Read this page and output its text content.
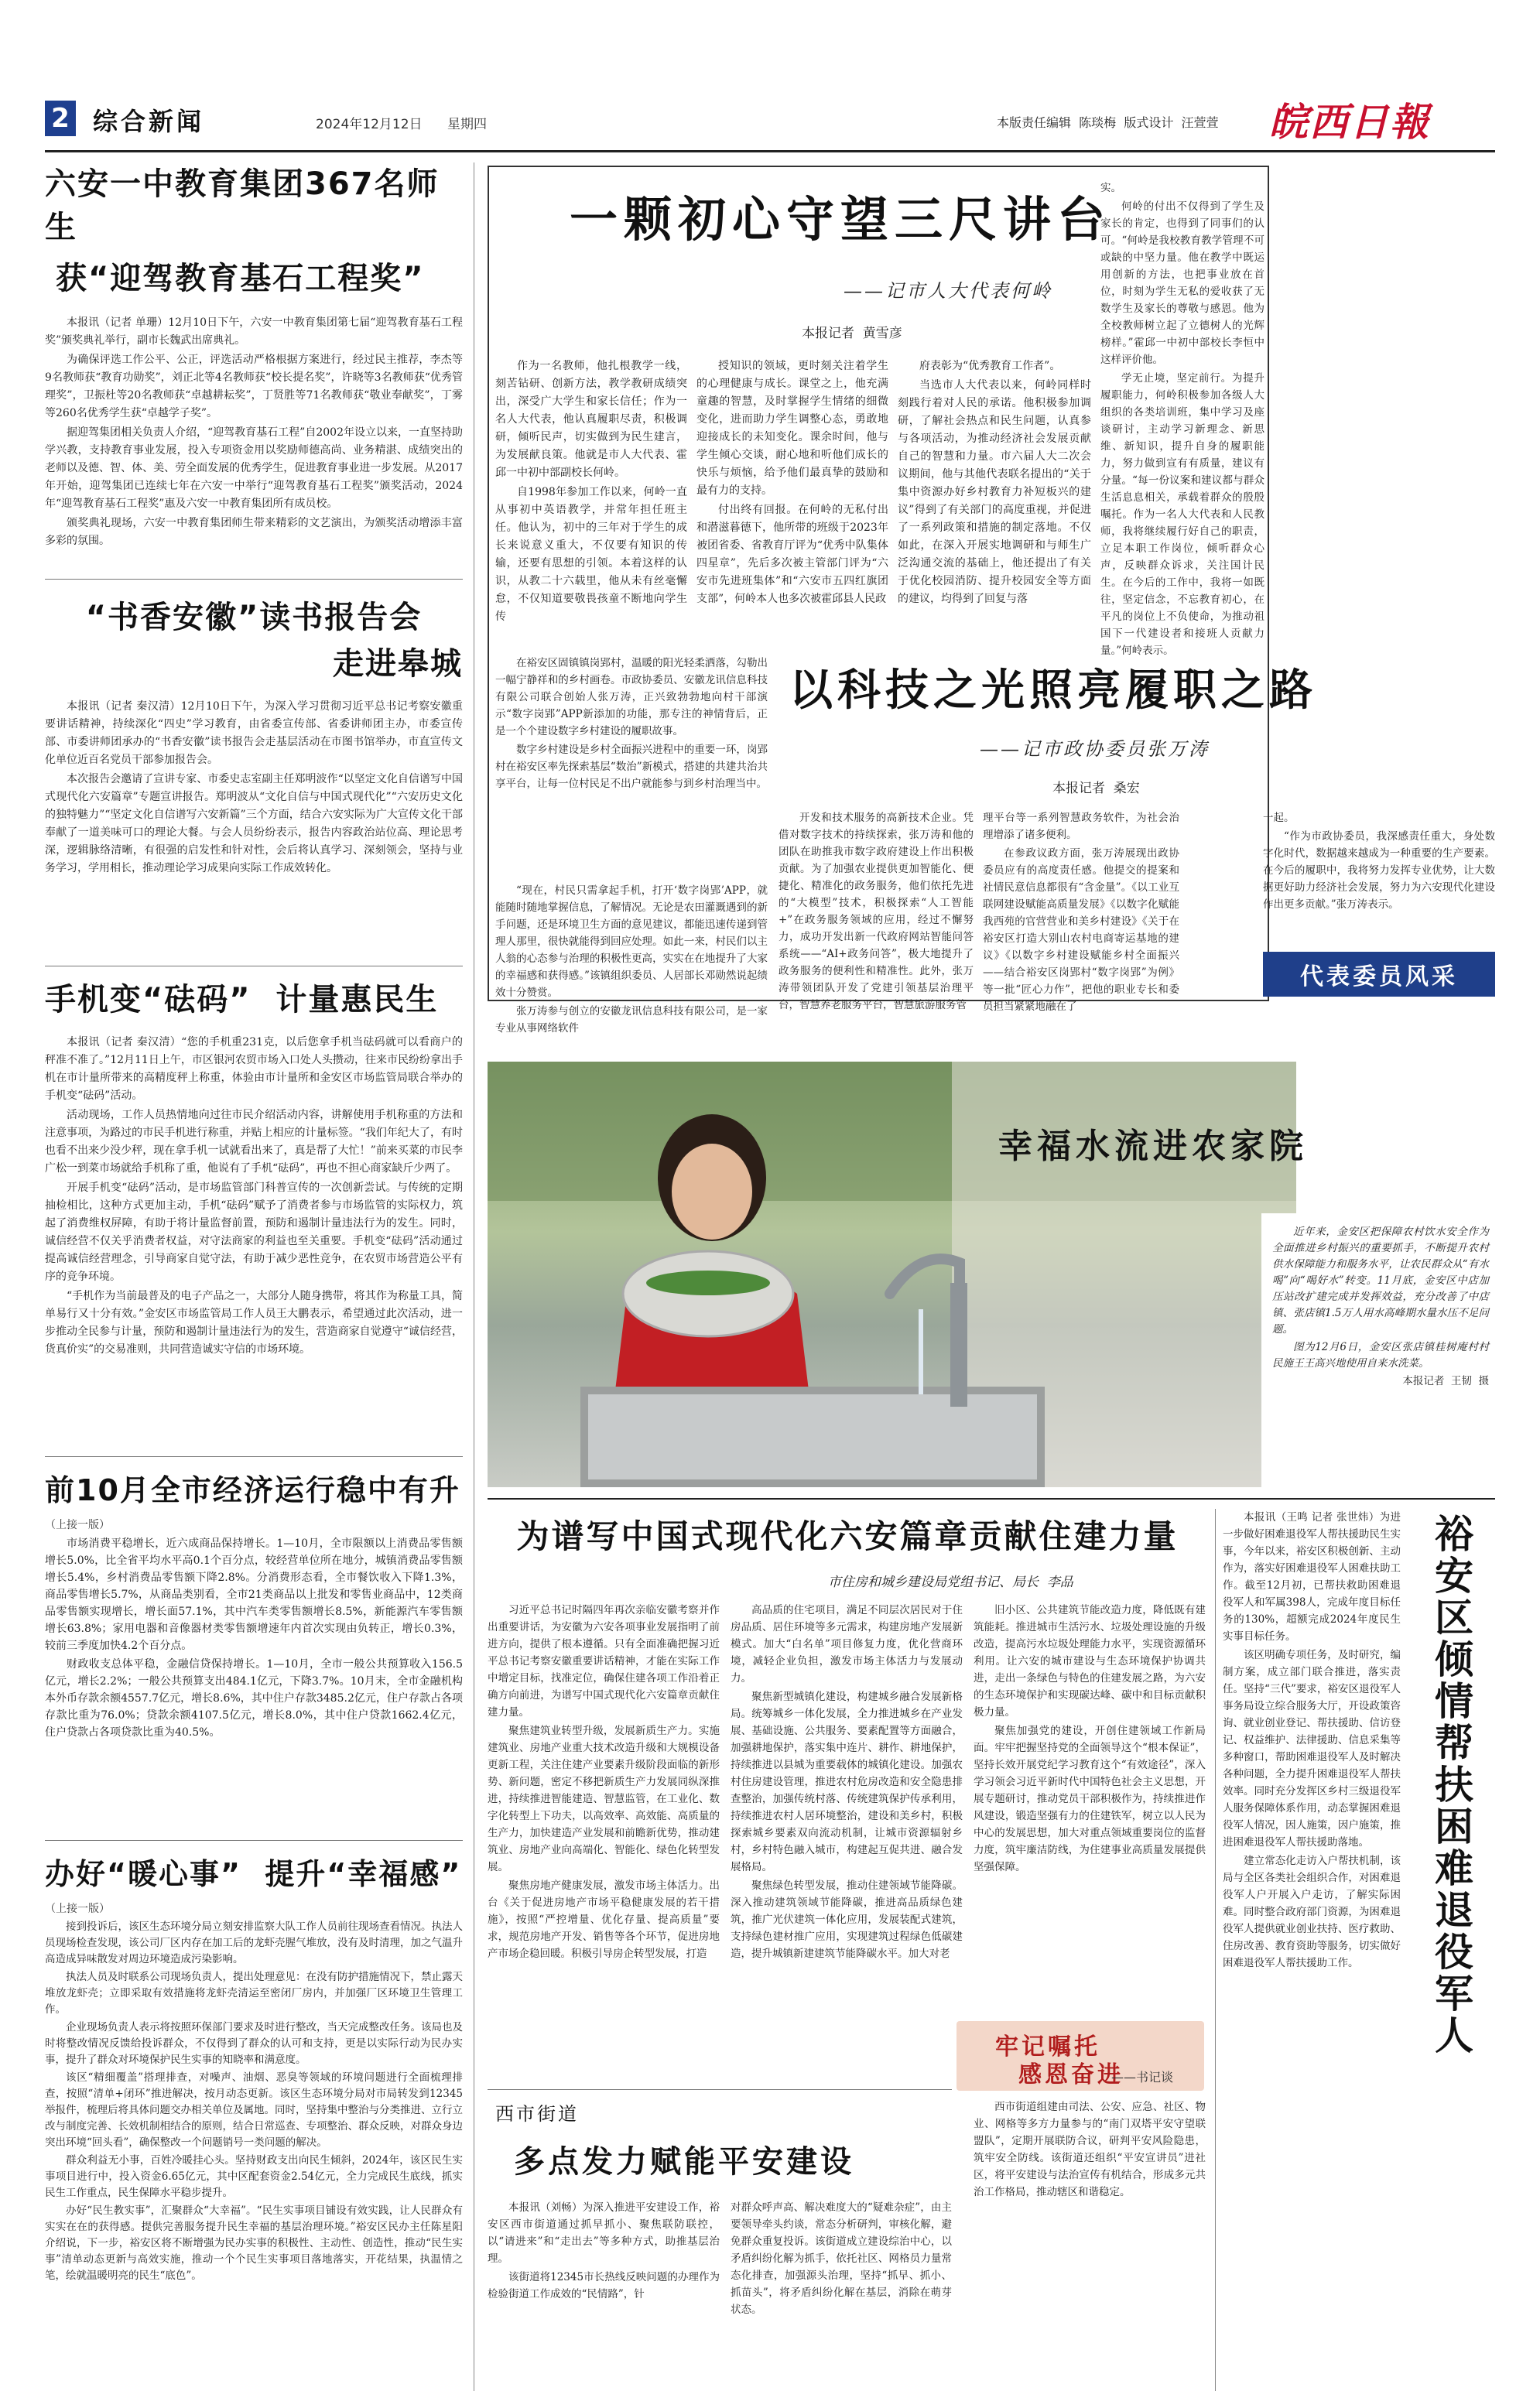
2 综合新闻	2024年12月12日 星期四	本版责任编辑  陈琰梅  版式设计  汪萱萱 皖西日報
六安一中教育集团367名师生
获“迎驾教育基石工程奖”

本报讯（记者 单珊）12月10日下午，六安一中教育集团第七届“迎驾教育基石工程奖”颁奖典礼举行，副市长魏武出席典礼。

为确保评选工作公平、公正，评选活动严格根据方案进行，经过民主推荐，李杰等9名教师获“教育功勋奖”，刘正北等4名教师获“校长提名奖”，许晓等3名教师获“优秀管理奖”，卫振杜等20名教师获“卓越耕耘奖”，丁贤胜等71名教师获“敬业奉献奖”，丁雾等260名优秀学生获“卓越学子奖”。

据迎驾集团相关负责人介绍，“迎驾教育基石工程”自2002年设立以来，一直坚持助学兴教，支持教育事业发展，投入专项资金用以奖励师德高尚、业务精湛、成绩突出的老师以及德、智、体、美、劳全面发展的优秀学生，促进教育事业进一步发展。从2017年开始，迎驾集团已连续七年在六安一中举行“迎驾教育基石工程奖”颁奖活动，2024年“迎驾教育基石工程奖”惠及六安一中教育集团所有成员校。

颁奖典礼现场，六安一中教育集团师生带来精彩的文艺演出，为颁奖活动增添丰富多彩的氛围。

“书香安徽”读书报告会
走进皋城

本报讯（记者 秦汉清）12月10日下午，为深入学习贯彻习近平总书记考察安徽重要讲话精神，持续深化“四史”学习教育，由省委宣传部、省委讲师团主办，市委宣传部、市委讲师团承办的“书香安徽”读书报告会走基层活动在市图书馆举办，市直宣传文化单位近百名党员干部参加报告会。

本次报告会邀请了宣讲专家、市委史志室副主任郑明波作“以坚定文化自信谱写中国式现代化六安篇章”专题宣讲报告。郑明波从“文化自信与中国式现代化”“六安历史文化的独特魅力”“坚定文化自信谱写六安新篇”三个方面，结合六安实际为广大宣传文化干部奉献了一道美味可口的理论大餐。与会人员纷纷表示，报告内容政治站位高、理论思考深，逻辑脉络清晰，有很强的启发性和针对性，会后将认真学习、深刻领会，坚持与业务学习，学用相长，推动理论学习成果向实际工作成效转化。

手机变“砝码”  计量惠民生

本报讯（记者 秦汉清）“您的手机重231克，以后您拿手机当砝码就可以看商户的秤准不准了。”12月11日上午，市区银河农贸市场入口处人头攒动，往来市民纷纷拿出手机在市计量所带来的高精度秤上称重，体验由市计量所和金安区市场监管局联合举办的手机变“砝码”活动。

活动现场，工作人员热情地向过往市民介绍活动内容，讲解使用手机称重的方法和注意事项，为路过的市民手机进行称重，并贴上相应的计量标签。“我们年纪大了，有时也看不出来少没少秤，现在拿手机一试就看出来了，真是帮了大忙！”前来买菜的市民李广松一到菜市场就给手机称了重，他说有了手机“砝码”，再也不担心商家缺斤少两了。

开展手机变“砝码”活动，是市场监管部门科普宣传的一次创新尝试。与传统的定期抽检相比，这种方式更加主动，手机“砝码”赋予了消费者参与市场监管的实际权力，筑起了消费维权屏障，有助于将计量监督前置，预防和遏制计量违法行为的发生。同时，诚信经营不仅关乎消费者权益，对守法商家的利益也至关重要。手机变“砝码”活动通过提高诚信经营理念，引导商家自觉守法，有助于减少恶性竞争，在农贸市场营造公平有序的竞争环境。

“手机作为当前最普及的电子产品之一，大部分人随身携带，将其作为称量工具，简单易行又十分有效。”金安区市场监管局工作人员王大鹏表示，希望通过此次活动，进一步推动全民参与计量，预防和遏制计量违法行为的发生，营造商家自觉遵守“诚信经营，货真价实”的交易准则，共同营造诚实守信的市场环境。

前10月全市经济运行稳中有升
（上接一版）

市场消费平稳增长，近六成商品保持增长。1—10月，全市限额以上消费品零售额增长5.0%，比全省平均水平高0.1个百分点，较经营单位所在地分，城镇消费品零售额增长5.4%，乡村消费品零售额下降2.8%。分消费形态看，全市餐饮收入下降1.3%，商品零售增长5.7%，从商品类别看，全市21类商品以上批发和零售业商品中，12类商品零售额实现增长，增长面57.1%，其中汽车类零售额增长8.5%，新能源汽车零售额增长63.8%；家用电器和音像器材类零售额增速年内首次实现由负转正，增长0.3%，较前三季度加快4.2个百分点。

财政收支总体平稳，金融信贷保持增长。1—10月，全市一般公共预算收入156.5亿元，增长2.2%；一般公共预算支出484.1亿元，下降3.7%。10月末，全市金融机构本外币存款余额4557.7亿元，增长8.6%，其中住户存款3485.2亿元，住户存款占各项存款比重为76.0%；贷款余额4107.5亿元，增长8.0%，其中住户贷款1662.4亿元，住户贷款占各项贷款比重为40.5%。

办好“暖心事”  提升“幸福感”
（上接一版）

接到投诉后，该区生态环境分局立刻安排监察大队工作人员前往现场查看情况。执法人员现场检查发现，该公司厂区内存在加工后的龙虾壳腥气堆放，没有及时清理，加之气温升高造成异味散发对周边环境造成污染影响。

执法人员及时联系公司现场负责人，提出处理意见：在没有防护措施情况下，禁止露天堆放龙虾壳；立即采取有效措施将龙虾壳清运至密闭厂房内，并加强厂区环境卫生管理工作。

企业现场负责人表示将按照环保部门要求及时进行整改，当天完成整改任务。该局也及时将整改情况反馈给投诉群众，不仅得到了群众的认可和支持，更是以实际行动为民办实事，提升了群众对环境保护民生实事的知晓率和满意度。

该区“精细覆盖”搭理排查，对噪声、油烟、恶臭等领域的环境问题进行全面梳理排查，按照“清单+闭环”推进解决，按月动态更新。该区生态环境分局对市局转发到12345举报件，梳理后将具体问题交办相关单位及属地。同时，坚持集中整治与分类推进、立行立改与制度完善、长效机制相结合的原则，结合日常巡查、专项整治、群众反映，对群众身边突出环境“回头看”，确保整改一个问题销号一类问题的解决。

群众利益无小事，百姓冷暖挂心头。坚持财政支出向民生倾斜，2024年，该区民生实事项目进行中，投入资金6.65亿元，其中区配套资金2.54亿元，全力完成民生底线，抓实民生工作重点，民生保障水平稳步提升。

办好“民生教实事”，汇聚群众“大幸福”。“民生实事项目铺设有效实践，让人民群众有实实在在的获得感。提供完善服务提升民生幸福的基层治理环境。”裕安区民办主任陈星阳介绍说，下一步，裕安区将不断增强为民办实事的积极性、主动性、创造性，推动“民生实事”清单动态更新与高效实施，推动一个个民生实事项目落地落实，开花结果，执温情之笔，绘就温暖明亮的民生“底色”。

一颗初心守望三尺讲台
——记市人大代表何岭
本报记者  黄雪彦

作为一名教师，他扎根教学一线，刻苦钻研、创新方法，教学教研成绩突出，深受广大学生和家长信任；作为一名人大代表，他认真履职尽责，积极调研，倾听民声，切实做到为民生建言，为发展献良策。他就是市人大代表、霍邱一中初中部副校长何岭。

自1998年参加工作以来，何岭一直从事初中英语教学，并常年担任班主任。他认为，初中的三年对于学生的成长来说意义重大，不仅要有知识的传输，还要有思想的引领。本着这样的认识，从教二十六载里，他从未有丝毫懈怠，不仅知道要敬畏孩童不断地向学生传

授知识的领域，更时刻关注着学生的心理健康与成长。课堂之上，他充满童趣的智慧，及时掌握学生情绪的细微变化，进而助力学生调整心态，勇敢地迎接成长的未知变化。课余时间，他与学生倾心交谈，耐心地和听他们成长的快乐与烦恼，给予他们最真挚的鼓励和最有力的支持。

付出终有回报。在何岭的无私付出和潜滋暮德下，他所带的班级于2023年被团省委、省教育厅评为“优秀中队集体四星章”，先后多次被主管部门评为“六安市先进班集体”和“六安市五四红旗团支部”，何岭本人也多次被霍邱县人民政

府表彰为“优秀教育工作者”。

当选市人大代表以来，何岭同样时刻践行着对人民的承诺。他积极参加调研，了解社会热点和民生问题，认真参与各项活动，为推动经济社会发展贡献自己的智慧和力量。市六届人大二次会议期间，他与其他代表联名提出的“关于集中资源办好乡村教育力补短板兴的建议”得到了有关部门的高度重视，并促进了一系列政策和措施的制定落地。不仅如此，在深入开展实地调研和与师生广泛沟通交流的基础上，他还提出了有关于优化校园消防、提升校园安全等方面的建议，均得到了回复与落

实。

何岭的付出不仅得到了学生及家长的肯定，也得到了同事们的认可。“何岭是我校教育教学管理不可或缺的中坚力量。他在教学中既运用创新的方法，也把事业放在首位，时刻为学生无私的爱收获了无数学生及家长的尊敬与感恩。他为全校教师树立起了立德树人的光辉榜样。”霍邱一中初中部校长李恒中这样评价他。

学无止境，坚定前行。为提升履职能力，何岭积极参加各级人大组织的各类培训班，集中学习及座谈研讨，主动学习新理念、新思维、新知识，提升自身的履职能力，努力做到宣有有质量，建议有分量。“每一份议案和建议都与群众生活息息相关，承载着群众的殷殷嘱托。作为一名人大代表和人民教师，我将继续履行好自己的职责，立足本职工作岗位，倾听群众心声，反映群众诉求，关注国计民生。在今后的工作中，我将一如既往，坚定信念，不忘教育初心，在平凡的岗位上不负使命，为推动祖国下一代建设者和接班人贡献力量。”何岭表示。

以科技之光照亮履职之路
——记市政协委员张万涛
本报记者  桑宏

在裕安区固镇镇岗郢村，温暖的阳光轻柔洒落，勾勒出一幅宁静祥和的乡村画卷。市政协委员、安徽龙讯信息科技有限公司联合创始人张万涛，正兴致勃勃地向村干部演示“数字岗郢”APP新添加的功能，那专注的神情背后，正是一个个建设数字乡村建设的履职故事。

数字乡村建设是乡村全面振兴进程中的重要一环，岗郢村在裕安区率先探索基层“数治”新模式，搭建的共建共治共享平台，让每一位村民足不出户就能参与到乡村治理当中。

“现在，村民只需拿起手机，打开‘数字岗郢’APP，就能随时随地掌握信息，了解情况。无论是农田灌溉遇到的新手问题，还是环境卫生方面的意见建议，都能迅速传递到管理人那里，很快就能得到回应处理。如此一来，村民们以主人翁的心态参与治理的积极性更高，实实在在地提升了大家的幸福感和获得感。”该镇组织委员、人居部长邓勋然说起绩效十分赞赏。

张万涛参与创立的安徽龙讯信息科技有限公司，是一家专业从事网络软件

开发和技术服务的高新技术企业。凭借对数字技术的持续探索，张万涛和他的团队在助推我市数字政府建设上作出积极贡献。为了加强农业提供更加智能化、便捷化、精准化的政务服务，他们依托先进的“大模型”技术，积极探索“人工智能+”在政务服务领域的应用，经过不懈努力，成功开发出新一代政府网站智能问答系统——“AI+政务问答”，极大地提升了政务服务的便利性和精准性。此外，张万涛带领团队开发了党建引领基层治理平台，智慧养老服务平台，智慧旅游服务管

理平台等一系列智慧政务软件，为社会治理增添了诸多便利。

在参政议政方面，张万涛展现出政协委员应有的高度责任感。他提交的提案和社情民意信息都很有“含金量”。《以工业互联网建设赋能高质量发展》《以数字化赋能我西苑的官营营业和美乡村建设》《关于在裕安区打造大别山农村电商寄运基地的建议》《以数字乡村建设赋能乡村全面振兴——结合裕安区岗郢村“数字岗郢”为例》等一批“匠心力作”，把他的职业专长和委员担当紧紧地融在了

一起。

“作为市政协委员，我深感责任重大，身处数字化时代，数据越来越成为一种重要的生产要素。在今后的履职中，我将努力发挥专业优势，让大数据更好助力经济社会发展，努力为六安现代化建设作出更多贡献。”张万涛表示。

代表委员风采
幸福水流进农家院

近年来，金安区把保障农村饮水安全作为全面推进乡村振兴的重要抓手，不断提升农村供水保障能力和服务水平，让农民群众从“有水喝”向“喝好水”转变。11月底，金安区中店加压站改扩建完成并发挥效益，充分改善了中店镇、张店镇1.5万人用水高峰期水量水压不足问题。

图为12月6日，金安区张店镇桂树庵村村民施王王高兴地使用自来水洗菜。

本报记者  王韧  摄

为谱写中国式现代化六安篇章贡献住建力量
市住房和城乡建设局党组书记、局长  李品

习近平总书记时隔四年再次亲临安徽考察并作出重要讲话，为安徽为六安各项事业发展指明了前进方向，提供了根本遵循。只有全面准确把握习近平总书记考察安徽重要讲话精神，才能在实际工作中增定目标，找准定位，确保住建各项工作沿着正确方向前进，为谱写中国式现代化六安篇章贡献住建力量。

聚焦建筑业转型升级，发展新质生产力。实施建筑业、房地产业重大技术改造升级和大规模设备更新工程，关注住建产业要素升级阶段面临的新形势、新问题，密定不移把新质生产力发展同纵深推进，持续推进智能建造、智慧监管，在工业化、数字化转型上下功夫，以高效率、高效能、高质量的生产力，加快建造产业发展和前瞻新优势，推动建筑业、房地产业向高端化、智能化、绿色化转型发展。

聚焦房地产健康发展，激发市场主体活力。出台《关于促进房地产市场平稳健康发展的若干措施》，按照“严控增量、优化存量、提高质量”要求，规范房地产开发、销售等各个环节，促进房地产市场企稳回暖。积极引导房企转型发展，打造

高品质的住宅项目，满足不同层次居民对于住房品质、居住环境等多元需求，构建房地产发展新模式。加大“白名单”项目修复力度，优化营商环境，减轻企业负担，激发市场主体活力与发展动力。

聚焦新型城镇化建设，构建城乡融合发展新格局。统筹城乡一体化发展，全力推进城乡在产业发展、基础设施、公共服务、要素配置等方面融合，加强耕地保护，落实集中连片、耕作、耕地保护，持续推进以县城为重要载体的城镇化建设。加强农村住房建设管理，推进农村危房改造和安全隐患排查整治，加强传统村落、传统建筑保护传承利用，持续推进农村人居环境整治，建设和美乡村，积极探索城乡要素双向流动机制，让城市资源辐射乡村，乡村特色融入城市，构建起互促共进、融合发展格局。

聚焦绿色转型发展，推动住建领域节能降碳。深入推动建筑领域节能降碳，推进高品质绿色建筑，推广光伏建筑一体化应用，发展装配式建筑，支持绿色建材推广应用，实现建筑过程绿色低碳建造，提升城镇新建建筑节能降碳水平。加大对老

旧小区、公共建筑节能改造力度，降低既有建筑能耗。推进城市生活污水、垃圾处理设施的升级改造，提高污水垃圾处理能力水平，实现资源循环利用。让六安的城市建设与生态环境保护协调共进，走出一条绿色与特色的住建发展之路，为六安的生态环境保护和实现碳达峰、碳中和目标贡献积极力量。

聚焦加强党的建设，开创住建领域工作新局面。牢牢把握坚持党的全面领导这个“根本保证”，坚持长效开展党纪学习教育这个“有效途径”，深入学习领会习近平新时代中国特色社会主义思想，开展专题研讨，推动党员干部积极作为，持续推进作风建设，锻造坚强有力的住建铁军，树立以人民为中心的发展思想，加大对重点领域重要岗位的监督力度，筑牢廉洁防线，为住建事业高质量发展提供坚强保障。

牢记嘱托
感恩奋进
——书记谈
西市街道
多点发力赋能平安建设

本报讯（刘畅）为深入推进平安建设工作，裕安区西市街道通过抓早抓小、聚焦联防联控，以“请进来”和“走出去”等多种方式，助推基层治理。

该街道将12345市长热线反映问题的办理作为检验街道工作成效的“民情路”，针

对群众呼声高、解决难度大的“疑难杂症”，由主要领导牵头约谈，常态分析研判，审核化解，避免群众重复投诉。该街道成立建设综治中心，以矛盾纠纷化解为抓手，依托社区、网格员力量常态化排查，加强源头治理，坚持“抓早、抓小、抓苗头”，将矛盾纠纷化解在基层，消除在萌芽状态。

西市街道组建由司法、公安、应急、社区、物业、网格等多方力量参与的“南门双塔平安守望联盟队”，定期开展联防合议，研判平安风险隐患，筑牢安全防线。该街道还组织“平安宣讲员”进社区，将平安建设与法治宣传有机结合，形成多元共治工作格局，推动辖区和谐稳定。

本报讯（王鸣 记者 张世炜）为进一步做好困难退役军人帮扶援助民生实事，今年以来，裕安区积极创新、主动作为，落实好困难退役军人困难扶助工作。截至12月初，已帮扶救助困难退役军人和军属398人，完成年度目标任务的130%，超额完成2024年度民生实事目标任务。

该区明确专项任务，及时研究，编制方案，成立部门联合推进，落实责任。坚持“三代”要求，裕安区退役军人事务局设立综合服务大厅，开设政策咨询、就业创业登记、帮扶援助、信访登记、权益维护、法律援助、信息采集等多种窗口，帮助困难退役军人及时解决各种问题，全力提升困难退役军人帮扶效率。同时充分发挥区乡村三级退役军人服务保障体系作用，动态掌握困难退役军人情况，因人施策，因户施策，推进困难退役军人帮扶援助落地。

建立常态化走访入户帮扶机制，该局与全区各类社会组织合作，对困难退役军人户开展入户走访，了解实际困难。同时整合政府部门资源，为困难退役军人提供就业创业扶持、医疗救助、住房改善、教育资助等服务，切实做好困难退役军人帮扶援助工作。	裕安区倾情帮扶困难退役军人
